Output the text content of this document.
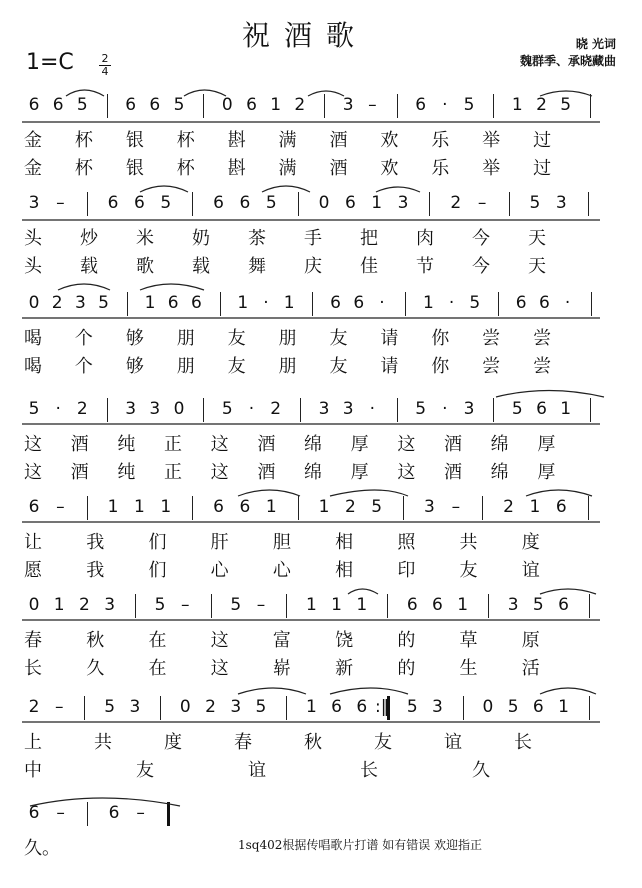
祝酒歌
1=C	2
4
晓 光词
魏群季、承晓藏曲
6 6 5 6 6 5 0 6 1 2 3 – 6 · 5 1 2 5
金 杯 银 杯 斟 满 酒 欢 乐 举 过
金 杯 银 杯 斟 满 酒 欢 乐 举 过
3 –	6 6 5 6 6 5 0 6 1 3 2 –	5 3
头 炒 米 奶 茶 手 把 肉 今 天
头 载 歌 载 舞 庆 佳 节 今 天
0 2 3 5 1 6 6 1 · 1 6 6 · 1 · 5 6 6 ·
喝 个 够 朋 友 朋 友 请 你 尝 尝
喝 个 够 朋 友 朋 友 请 你 尝 尝
5 · 2 3 3 0 5 · 2 3 3 · 5 · 3 5 6 1
这 酒 纯 正 这 酒 绵 厚 这 酒 绵 厚
这 酒 纯 正 这 酒 绵 厚 这 酒 绵 厚
6 –	1 1 1 6 6 1 1 2 5 3 –	2 1 6
让 我 们 肝 胆 相 照 共 度
愿 我 们 心 心 相 印 友 谊
0 1 2 3 5 – 5 – 1 1 1 6 6 1 3 5 6
春 秋 在 这 富 饶 的 草 原
长 久 在 这 崭 新 的 生 活
2 – 5 3 0 2 3 5 1 6 6 :‖ 5 3 0 5 6 1
上	共	度	春	秋	友	谊	长
中	友	谊	长	久
6 –	6 –
久。	1sq402根据传唱歌片打谱 如有错误 欢迎指正
